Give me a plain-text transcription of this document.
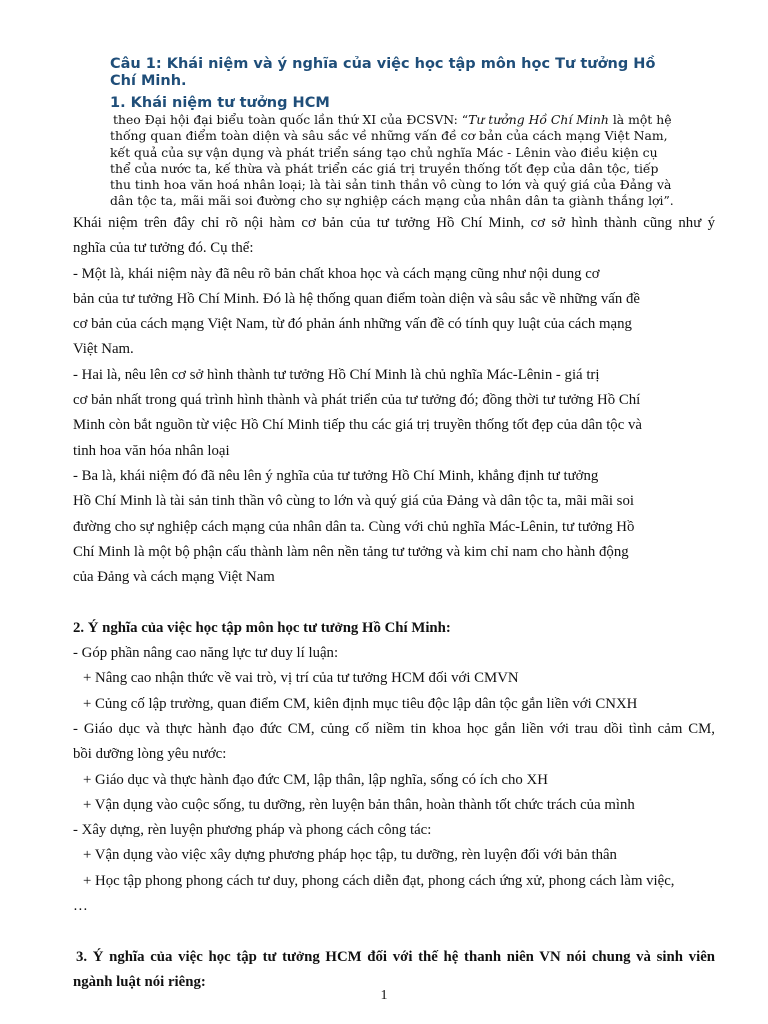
Câu 1: Khái niệm và ý nghĩa của việc học tập môn học Tư tưởng Hồ Chí Minh.

1. Khái niệm tư tưởng HCM

theo Đại hội đại biểu toàn quốc lần thứ XI của ĐCSVN: “Tư tưởng Hồ Chí Minh là một hệ thống quan điểm toàn diện và sâu sắc về những vấn đề cơ bản của cách mạng Việt Nam, kết quả của sự vận dụng và phát triển sáng tạo chủ nghĩa Mác - Lênin vào điều kiện cụ thể của nước ta, kế thừa và phát triển các giá trị truyền thống tốt đẹp của dân tộc, tiếp thu tinh hoa văn hoá nhân loại; là tài sản tinh thần vô cùng to lớn và quý giá của Đảng và dân tộc ta, mãi mãi soi đường cho sự nghiệp cách mạng của nhân dân ta giành thắng lợi”.
Khái niệm trên đây chỉ rõ nội hàm cơ bản của tư tưởng Hồ Chí Minh, cơ sở hình thành cũng như ý
nghĩa của tư tưởng đó. Cụ thể:
- Một là, khái niệm này đã nêu rõ bản chất khoa học và cách mạng cũng như nội dung cơ
bản của tư tưởng Hồ Chí Minh. Đó là hệ thống quan điểm toàn diện và sâu sắc về những vấn đề
cơ bản của cách mạng Việt Nam, từ đó phản ánh những vấn đề có tính quy luật của cách mạng
Việt Nam.
- Hai là, nêu lên cơ sở hình thành tư tưởng Hồ Chí Minh là chủ nghĩa Mác-Lênin - giá trị
cơ bản nhất trong quá trình hình thành và phát triển của tư tưởng đó; đồng thời tư tưởng Hồ Chí
Minh còn bắt nguồn từ việc Hồ Chí Minh tiếp thu các giá trị truyền thống tốt đẹp của dân tộc và
tinh hoa văn hóa nhân loại
- Ba là, khái niệm đó đã nêu lên ý nghĩa của tư tưởng Hồ Chí Minh, khẳng định tư tưởng
Hồ Chí Minh là tài sản tinh thần vô cùng to lớn và quý giá của Đảng và dân tộc ta, mãi mãi soi
đường cho sự nghiệp cách mạng của nhân dân ta. Cùng với chủ nghĩa Mác-Lênin, tư tưởng Hồ
Chí Minh là một bộ phận cấu thành làm nên nền tảng tư tưởng và kim chỉ nam cho hành động
của Đảng và cách mạng Việt Nam
2. Ý nghĩa của việc học tập môn học tư tưởng Hồ Chí Minh:
- Góp phần nâng cao năng lực tư duy lí luận:
+ Nâng cao nhận thức về vai trò, vị trí của tư tưởng HCM đối với CMVN
+ Củng cố lập trường, quan điểm CM, kiên định mục tiêu độc lập dân tộc gắn liền với CNXH
- Giáo dục và thực hành đạo đức CM, củng cố niềm tin khoa học gắn liền với trau dồi tình cảm CM,
bồi dưỡng lòng yêu nước:
+ Giáo dục và thực hành đạo đức CM, lập thân, lập nghĩa, sống có ích cho XH
+ Vận dụng vào cuộc sống, tu dưỡng, rèn luyện bản thân, hoàn thành tốt chức trách của mình
- Xây dựng, rèn luyện phương pháp và phong cách công tác:
+ Vận dụng vào việc xây dựng phương pháp học tập, tu dưỡng, rèn luyện đối với bản thân
+ Học tập phong phong cách tư duy, phong cách diễn đạt, phong cách ứng xử, phong cách làm việc,
…
3. Ý nghĩa của việc học tập tư tưởng HCM đối với thế hệ thanh niên VN nói chung và sinh viên
ngành luật nói riêng:
1
